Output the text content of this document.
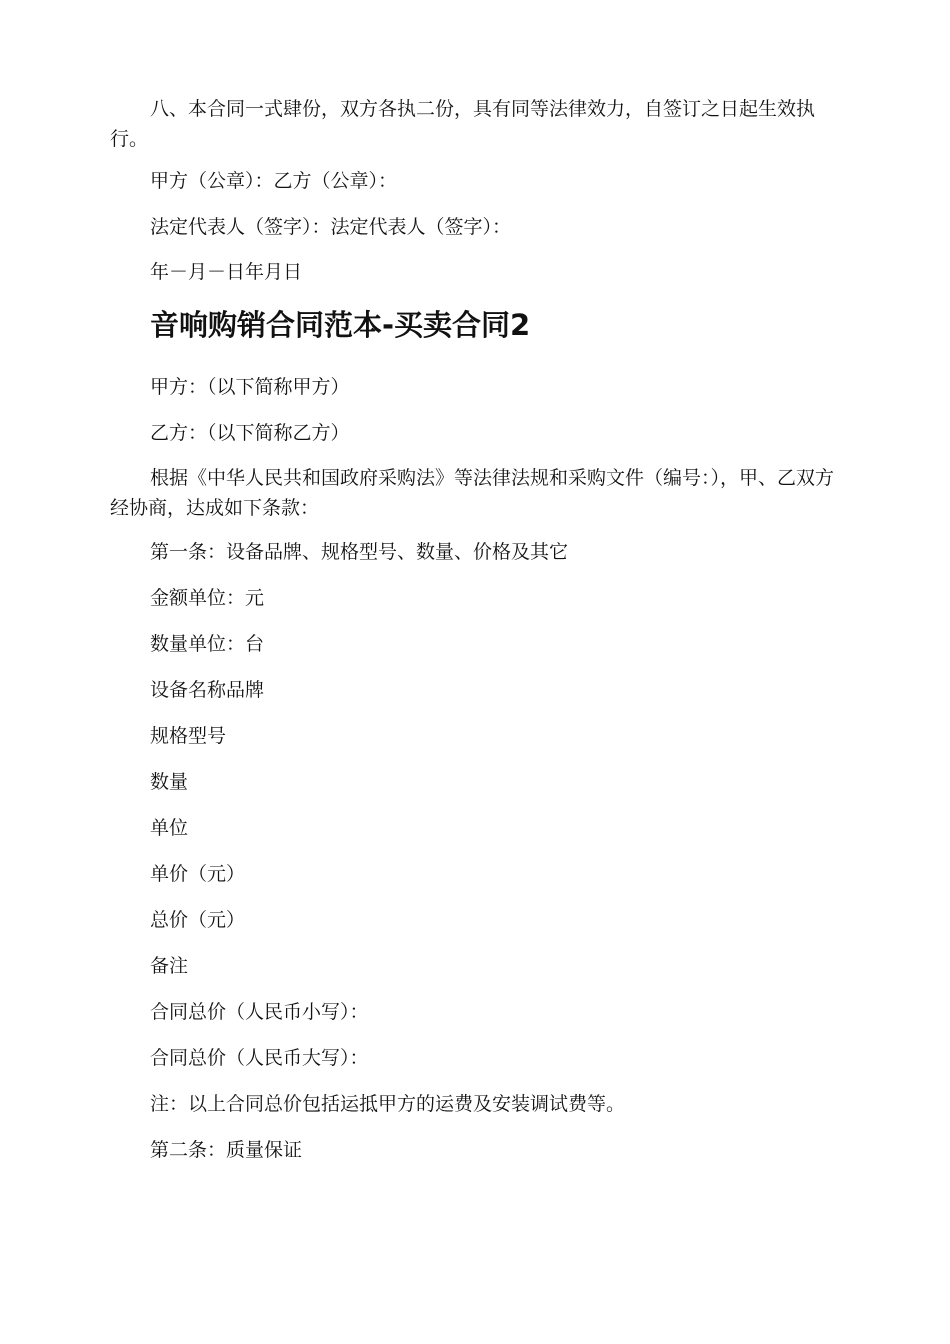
八、本合同一式肆份，双方各执二份，具有同等法律效力，自签订之日起生效执行。

甲方（公章）：乙方（公章）：

法定代表人（签字）：法定代表人（签字）：

年－月－日年月日

音响购销合同范本-买卖合同2

甲方：（以下简称甲方）

乙方：（以下简称乙方）

根据《中华人民共和国政府采购法》等法律法规和采购文件（编号：），甲、乙双方经协商，达成如下条款：

第一条：设备品牌、规格型号、数量、价格及其它

金额单位：元

数量单位：台

设备名称品牌

规格型号

数量

单位

单价（元）

总价（元）

备注

合同总价（人民币小写）：

合同总价（人民币大写）：

注：以上合同总价包括运抵甲方的运费及安装调试费等。

第二条：质量保证
